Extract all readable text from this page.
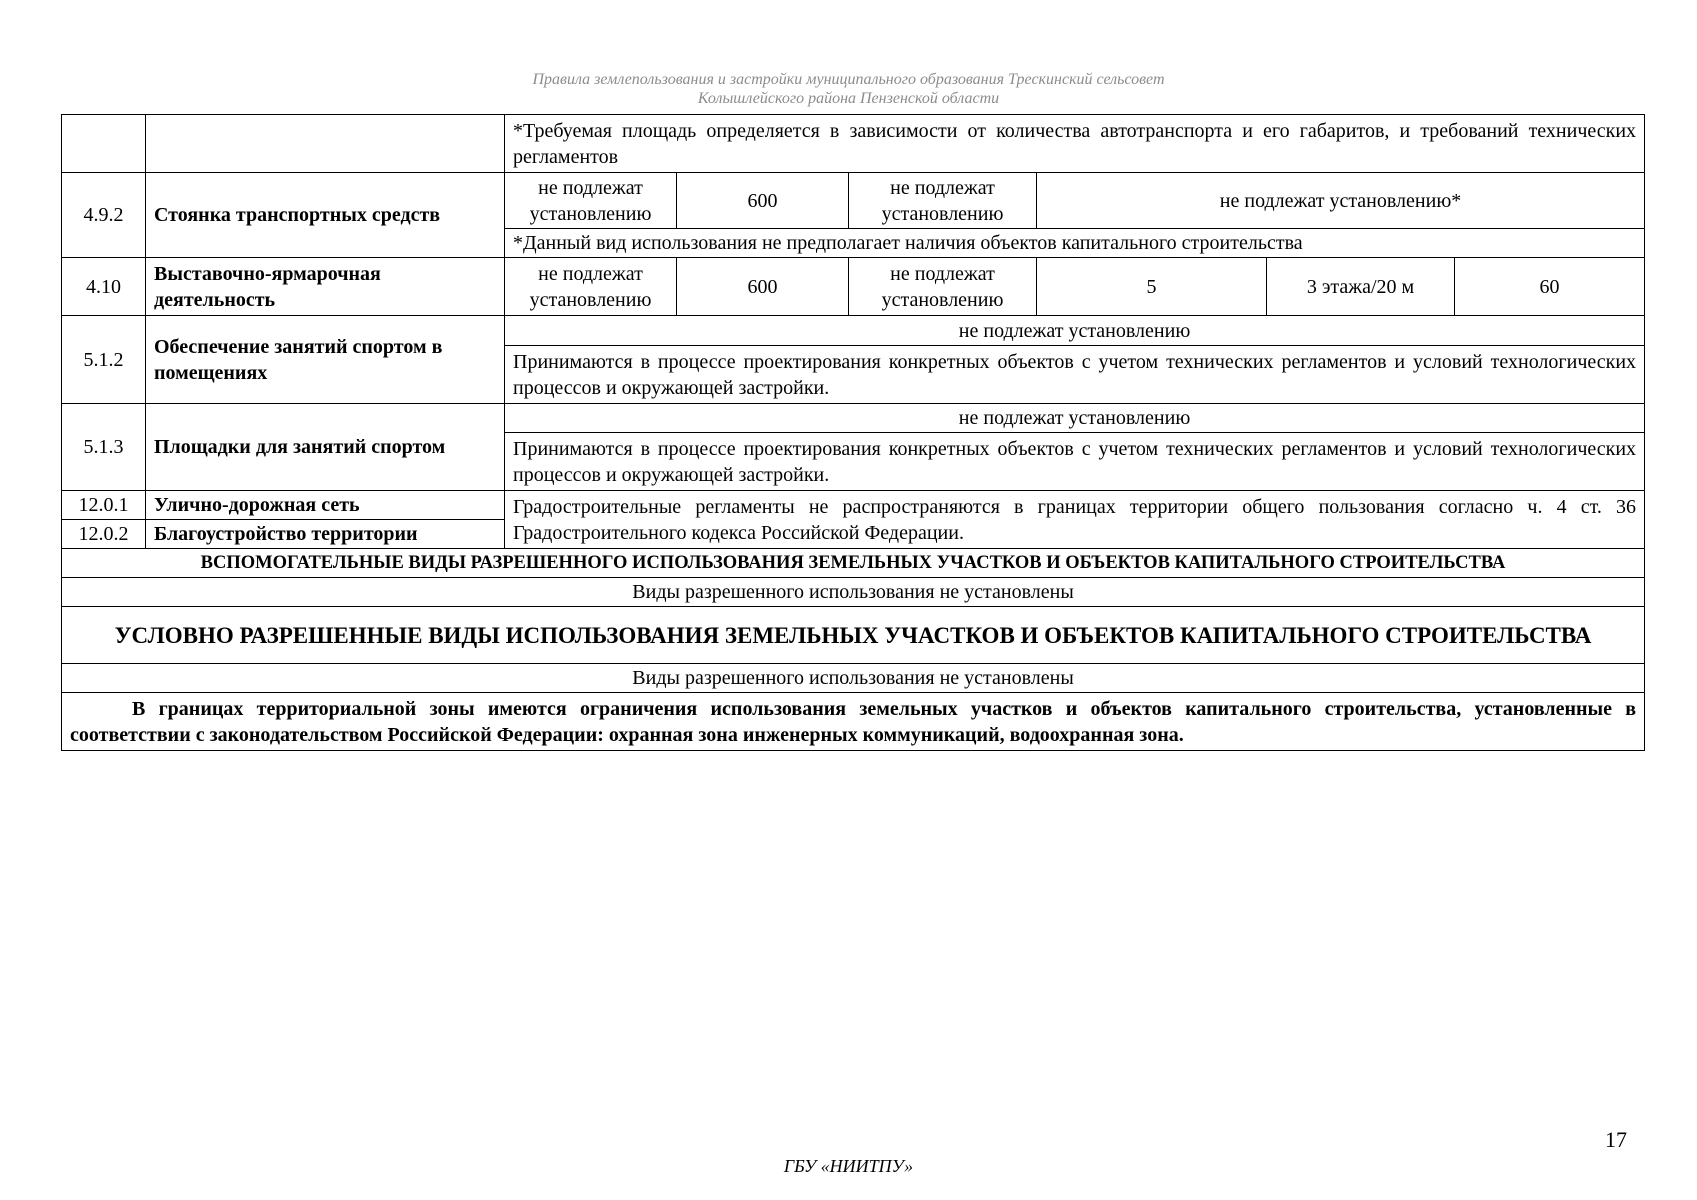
Правила землепользования и застройки муниципального образования Трескинский сельсовет
Колышлейского района Пензенской области
		*Требуемая площадь определяется в зависимости от количества автотранспорта и его габаритов, и требований технических регламентов					
4.9.2	Стоянка транспортных средств	не подлежат установлению	600	не подлежат установлению	не подлежат установлению*		
		*Данный вид использования не предполагает наличия объектов капитального строительства					
4.10	Выставочно-ярмарочная деятельность	не подлежат установлению	600	не подлежат установлению	5	3 этажа/20 м	60
5.1.2	Обеспечение занятий спортом в помещениях	не подлежат установлению					
		Принимаются в процессе проектирования конкретных объектов с учетом технических регламентов и условий технологических процессов и окружающей застройки.					
5.1.3	Площадки для занятий спортом	не подлежат установлению					
		Принимаются в процессе проектирования конкретных объектов с учетом технических регламентов и условий технологических процессов и окружающей застройки.					
12.0.1	Улично-дорожная сеть	Градостроительные регламенты не распространяются в границах территории общего пользования согласно ч. 4 ст. 36 Градостроительного кодекса Российской Федерации.					
12.0.2	Благоустройство территории						
ВСПОМОГАТЕЛЬНЫЕ ВИДЫ РАЗРЕШЕННОГО ИСПОЛЬЗОВАНИЯ ЗЕМЕЛЬНЫХ УЧАСТКОВ И ОБЪЕКТОВ КАПИТАЛЬНОГО СТРОИТЕЛЬСТВА							
Виды разрешенного использования не установлены							
УСЛОВНО РАЗРЕШЕННЫЕ ВИДЫ ИСПОЛЬЗОВАНИЯ ЗЕМЕЛЬНЫХ УЧАСТКОВ И ОБЪЕКТОВ КАПИТАЛЬНОГО СТРОИТЕЛЬСТВА							
Виды разрешенного использования не установлены							
В границах территориальной зоны имеются ограничения использования земельных участков и объектов капитального строительства, установленные в соответствии с законодательством Российской Федерации: охранная зона инженерных коммуникаций, водоохранная зона.							
17
ГБУ «НИИТПУ»
